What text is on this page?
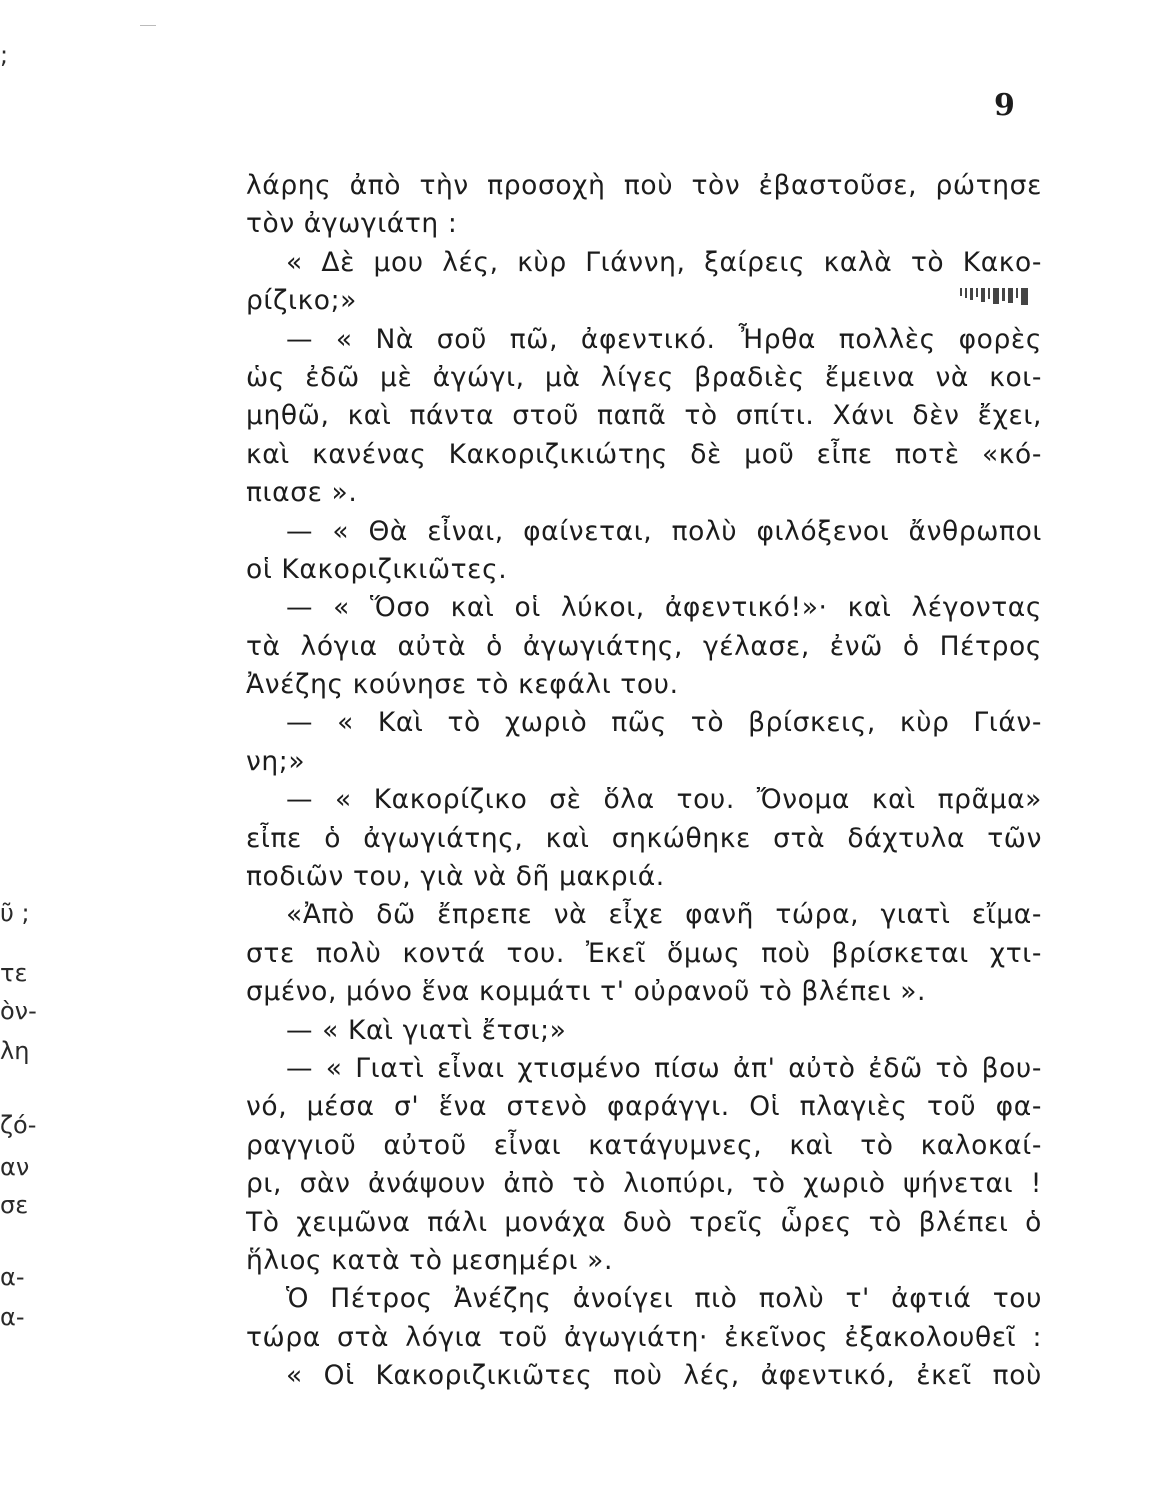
9
;
ῦ ;
τε
ὸν-
λη
ζό-
αν
σε
α-
α-
λάρης ἀπὸ τὴν προσοχὴ ποὺ τὸν ἐβαστοῦσε, ρώτησε
τὸν ἀγωγιάτη :
« Δὲ μου λές, κὺρ Γιάννη, ξαίρεις καλὰ τὸ Κακο-
ρίζικο;»
— « Νὰ σοῦ πῶ, ἀφεντικό. Ἦρθα πολλὲς φορὲς
ὡς ἐδῶ μὲ ἀγώγι, μὰ λίγες βραδιὲς ἔμεινα νὰ κοι-
μηθῶ, καὶ πάντα στοῦ παπᾶ τὸ σπίτι. Χάνι δὲν ἔχει,
καὶ κανένας Κακοριζικιώτης δὲ μοῦ εἶπε ποτὲ «κό-
πιασε ».
— « Θὰ εἶναι, φαίνεται, πολὺ φιλόξενοι ἄνθρωποι
οἱ Κακοριζικιῶτες.
— « Ὅσο καὶ οἱ λύκοι, ἀφεντικό!»· καὶ λέγοντας
τὰ λόγια αὐτὰ ὁ ἀγωγιάτης, γέλασε, ἐνῶ ὁ Πέτρος
Ἀνέζης κούνησε τὸ κεφάλι του.
— « Καὶ τὸ χωριὸ πῶς τὸ βρίσκεις, κὺρ Γιάν-
νη;»
— « Κακορίζικο σὲ ὅλα του. Ὄνομα καὶ πρᾶμα»
εἶπε ὁ ἀγωγιάτης, καὶ σηκώθηκε στὰ δάχτυλα τῶν
ποδιῶν του, γιὰ νὰ δῆ μακριά.
«Ἀπὸ δῶ ἔπρεπε νὰ εἶχε φανῆ τώρα, γιατὶ εἴμα-
στε πολὺ κοντά του. Ἐκεῖ ὅμως ποὺ βρίσκεται χτι-
σμένο, μόνο ἕνα κομμάτι τ' οὐρανοῦ τὸ βλέπει ».
— « Καὶ γιατὶ ἔτσι;»
— « Γιατὶ εἶναι χτισμένο πίσω ἀπ' αὐτὸ ἐδῶ τὸ βου-
νό, μέσα σ' ἕνα στενὸ φαράγγι. Οἱ πλαγιὲς τοῦ φα-
ραγγιοῦ αὐτοῦ εἶναι κατάγυμνες, καὶ τὸ καλοκαί-
ρι, σὰν ἀνάψουν ἀπὸ τὸ λιοπύρι, τὸ χωριὸ ψήνεται !
Τὸ χειμῶνα πάλι μονάχα δυὸ τρεῖς ὧρες τὸ βλέπει ὁ
ἥλιος κατὰ τὸ μεσημέρι ».
Ὁ Πέτρος Ἀνέζης ἀνοίγει πιὸ πολὺ τ' ἀφτιά του
τώρα στὰ λόγια τοῦ ἀγωγιάτη· ἐκεῖνος ἐξακολουθεῖ :
« Οἱ Κακοριζικιῶτες ποὺ λές, ἀφεντικό, ἐκεῖ ποὺ
